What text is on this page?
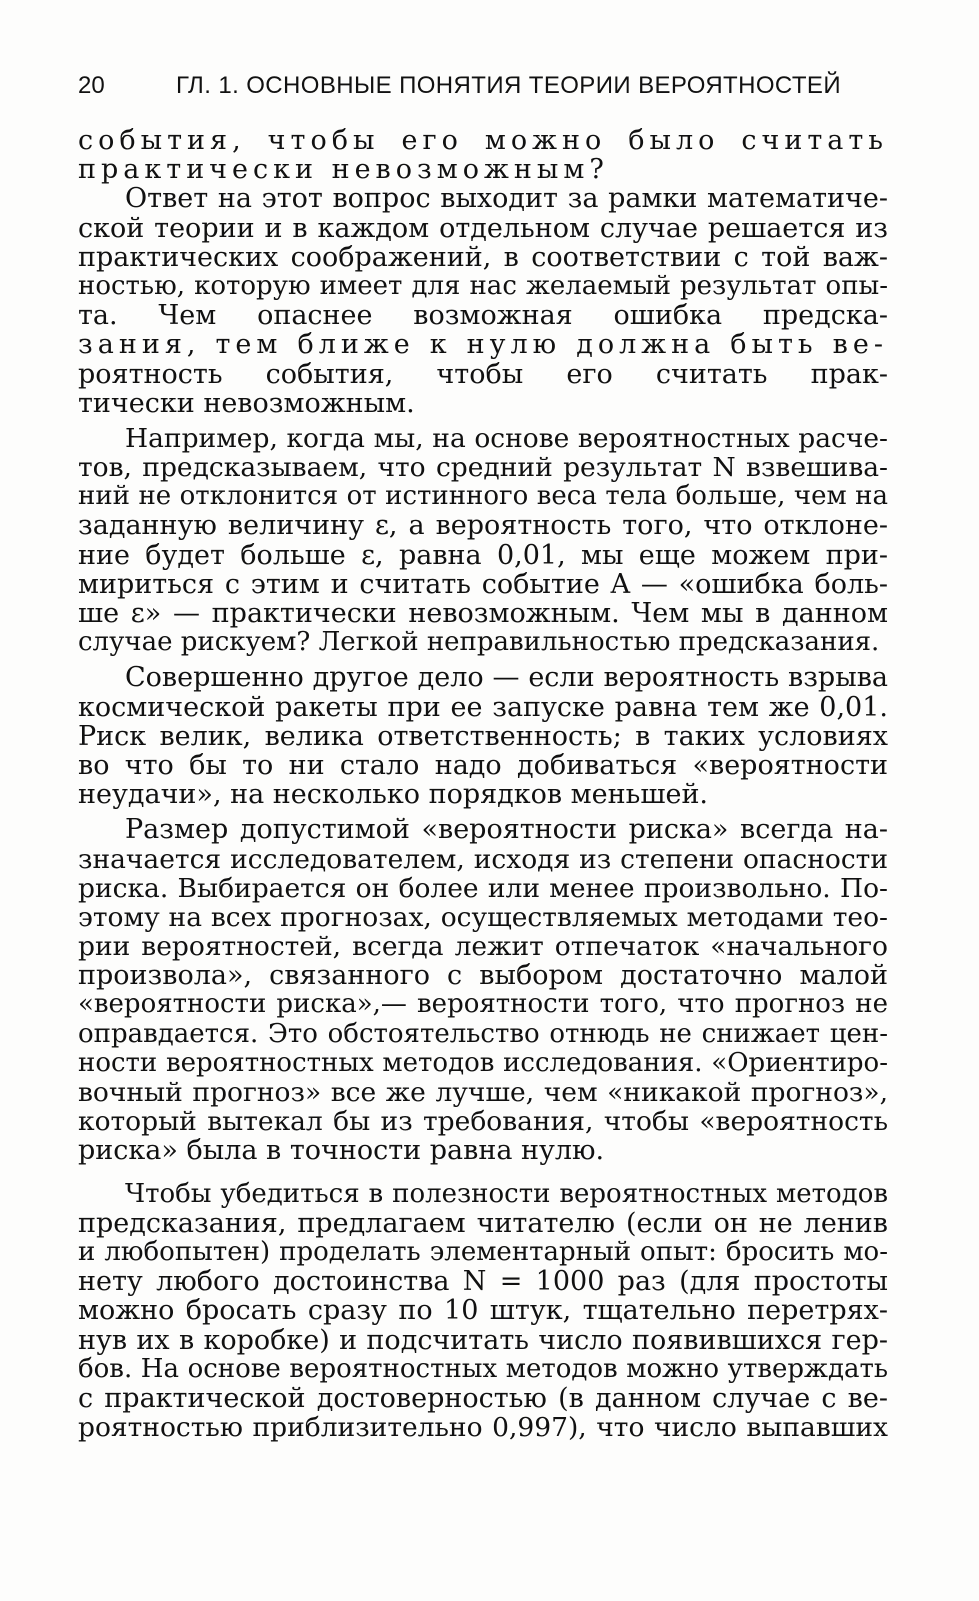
20	ГЛ. 1. ОСНОВНЫЕ ПОНЯТИЯ ТЕОРИИ ВЕРОЯТНОСТЕЙ
события, чтобы его можно было считать
практически невозможным?
Ответ на этот вопрос выходит за рамки математиче-
ской теории и в каждом отдельном случае решается из
практических соображений, в соответствии с той важ-
ностью, которую имеет для нас желаемый результат опы-
та. Чем опаснее возможная ошибка предска-
зания, тем ближе к нулю должна быть ве-
роятность события, чтобы его считать прак-
тически невозможным.
Например, когда мы, на основе вероятностных расче-
тов, предсказываем, что средний результат N взвешива-
ний не отклонится от истинного веса тела больше, чем на
заданную величину ε, а вероятность того, что отклоне-
ние будет больше ε, равна 0,01, мы еще можем при-
мириться с этим и считать событие A — «ошибка боль-
ше ε» — практически невозможным. Чем мы в данном
случае рискуем? Легкой неправильностью предсказания.
Совершенно другое дело — если вероятность взрыва
космической ракеты при ее запуске равна тем же 0,01.
Риск велик, велика ответственность; в таких условиях
во что бы то ни стало надо добиваться «вероятности
неудачи», на несколько порядков меньшей.
Размер допустимой «вероятности риска» всегда на-
значается исследователем, исходя из степени опасности
риска. Выбирается он более или менее произвольно. По-
этому на всех прогнозах, осуществляемых методами тео-
рии вероятностей, всегда лежит отпечаток «начального
произвола», связанного с выбором достаточно малой
«вероятности риска»,— вероятности того, что прогноз не
оправдается. Это обстоятельство отнюдь не снижает цен-
ности вероятностных методов исследования. «Ориентиро-
вочный прогноз» все же лучше, чем «никакой прогноз»,
который вытекал бы из требования, чтобы «вероятность
риска» была в точности равна нулю.
Чтобы убедиться в полезности вероятностных методов
предсказания, предлагаем читателю (если он не ленив
и любопытен) проделать элементарный опыт: бросить мо-
нету любого достоинства N = 1000 раз (для простоты
можно бросать сразу по 10 штук, тщательно перетрях-
нув их в коробке) и подсчитать число появившихся гер-
бов. На основе вероятностных методов можно утверждать
с практической достоверностью (в данном случае с ве-
роятностью приблизительно 0,997), что число выпавших
